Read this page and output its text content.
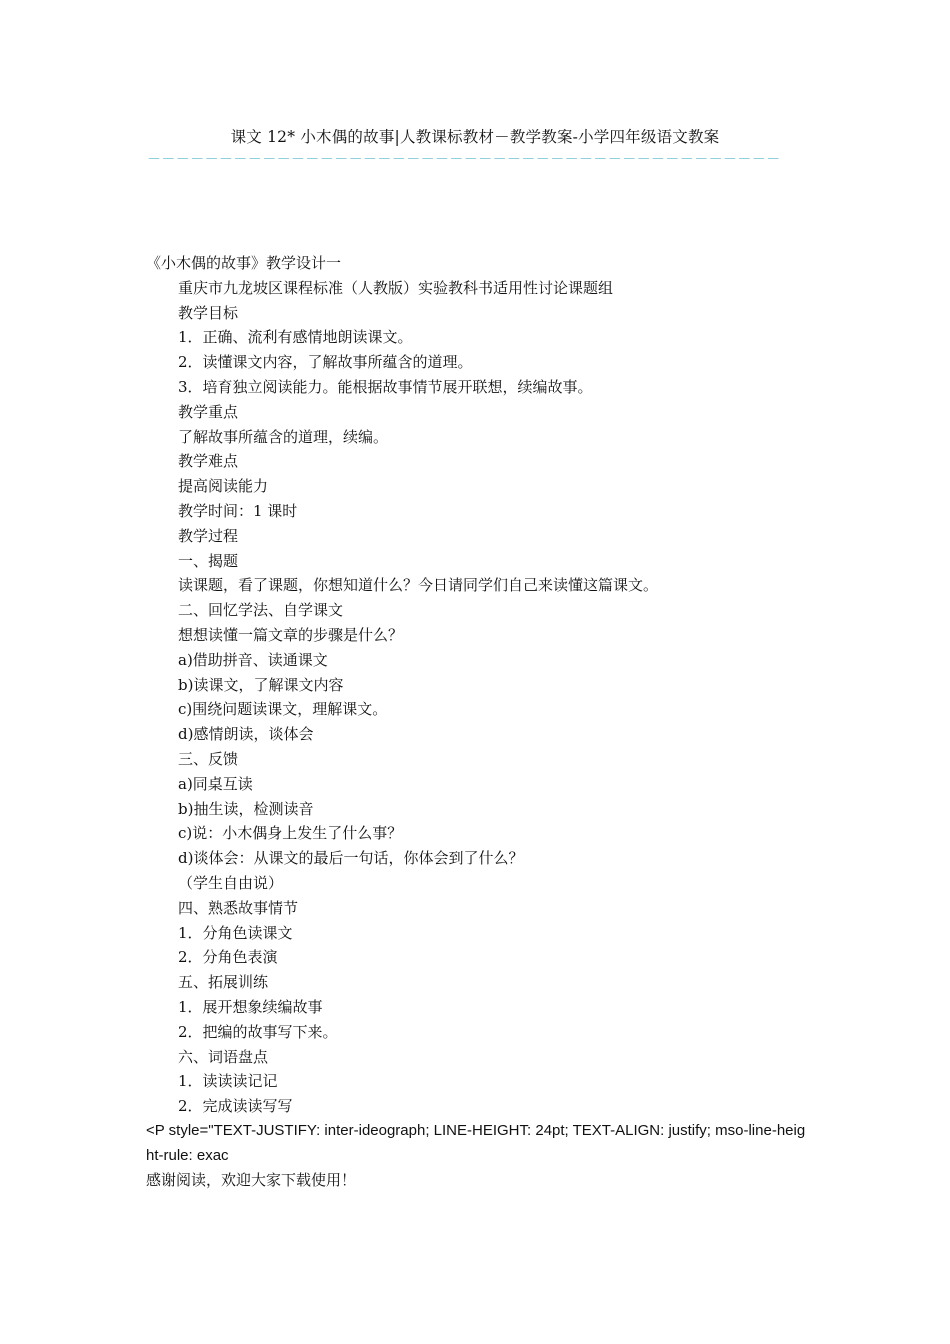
课文 12* 小木偶的故事|人教课标教材－教学教案-小学四年级语文教案
－－－－－－－－－－－－－－－－－－－－－－－－－－－－－－－－－－－－－－－－－－－－

《小木偶的故事》教学设计一

重庆市九龙坡区课程标准（人教版）实验教科书适用性讨论课题组

教学目标

1．正确、流利有感情地朗读课文。

2．读懂课文内容，了解故事所蕴含的道理。

3．培育独立阅读能力。能根据故事情节展开联想，续编故事。

教学重点

了解故事所蕴含的道理，续编。

教学难点

提高阅读能力

教学时间：1 课时

教学过程

一、揭题

读课题，看了课题，你想知道什么？今日请同学们自己来读懂这篇课文。

二、回忆学法、自学课文

想想读懂一篇文章的步骤是什么？

a)借助拼音、读通课文

b)读课文，了解课文内容

c)围绕问题读课文，理解课文。

d)感情朗读，谈体会

三、反馈

a)同桌互读

b)抽生读，检测读音

c)说：小木偶身上发生了什么事？

d)谈体会：从课文的最后一句话，你体会到了什么？

（学生自由说）

四、熟悉故事情节

1．分角色读课文

2．分角色表演

五、拓展训练

1．展开想象续编故事

2．把编的故事写下来。

六、词语盘点

1．读读读记记

2．完成读读写写

<P style="TEXT-JUSTIFY: inter-ideograph; LINE-HEIGHT: 24pt; TEXT-ALIGN: justify; mso-line-height-rule: exac

感谢阅读，欢迎大家下载使用！
